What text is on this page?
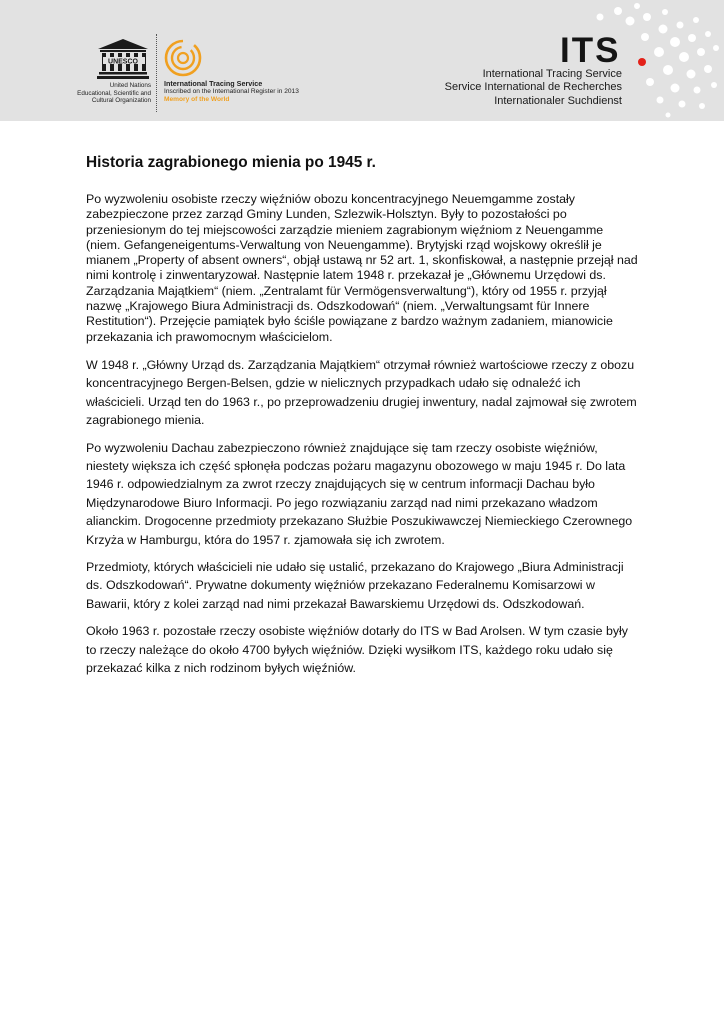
UNESCO
United Nations
Educational, Scientific and
Cultural Organization
International Tracing Service
Inscribed on the International Register in 2013
Memory of the World
ITS
International Tracing Service
Service International de Recherches
Internationaler Suchdienst
Historia zagrabionego mienia po 1945 r.

Po wyzwoleniu osobiste rzeczy więźniów obozu koncentracyjnego Neuemgamme zostały zabezpieczone przez zarząd Gminy Lunden, Szlezwik-Holsztyn. Były to pozostałości po przeniesionym do tej miejscowości zarządzie mieniem zagrabionym więźniom z Neuengamme (niem. Gefangeneigentums-Verwaltung von Neuengamme). Brytyjski rząd wojskowy określił je mianem „Property of absent owners“, objął ustawą nr 52 art. 1, skonfiskował, a następnie przejął nad nimi kontrolę i zinwentaryzował. Następnie latem 1948 r. przekazał je „Głównemu Urzędowi ds. Zarządzania Majątkiem“ (niem. „Zentralamt für Vermögensverwaltung“), który od 1955 r. przyjął nazwę „Krajowego Biura Administracji ds. Odszkodowań“ (niem. „Verwaltungsamt für Innere Restitution“). Przejęcie pamiątek było ściśle powiązane z bardzo ważnym zadaniem, mianowicie przekazania ich prawomocnym właścicielom.

W 1948 r. „Główny Urząd ds. Zarządzania Majątkiem“ otrzymał również wartościowe rzeczy z obozu koncentracyjnego Bergen-Belsen, gdzie w nielicznych przypadkach udało się odnaleźć ich właścicieli. Urząd ten do 1963 r., po przeprowadzeniu drugiej inwentury, nadal zajmował się zwrotem zagrabionego mienia.

Po wyzwoleniu Dachau zabezpieczono również znajdujące się tam rzeczy osobiste więźniów, niestety większa ich część spłonęła podczas pożaru magazynu obozowego w maju 1945 r. Do lata 1946 r. odpowiedzialnym za zwrot rzeczy znajdujących się w centrum informacji Dachau było Międzynarodowe Biuro Informacji. Po jego rozwiązaniu zarząd nad nimi przekazano władzom alianckim. Drogocenne przedmioty przekazano Służbie Poszukiwawczej Niemieckiego Czerownego Krzyża w Hamburgu, która do 1957 r. zjamowała się ich zwrotem.

Przedmioty, których właścicieli nie udało się ustalić, przekazano do Krajowego „Biura Administracji ds. Odszkodowań“. Prywatne dokumenty więźniów przekazano Federalnemu Komisarzowi w Bawarii, który z kolei zarząd nad nimi przekazał Bawarskiemu Urzędowi ds. Odszkodowań.

Około 1963 r. pozostałe rzeczy osobiste więźniów dotarły do ITS w Bad Arolsen. W tym czasie były to rzeczy należące do około 4700 byłych więźniów. Dzięki wysiłkom ITS, każdego roku udało się przekazać kilka z nich rodzinom byłych więźniów.
